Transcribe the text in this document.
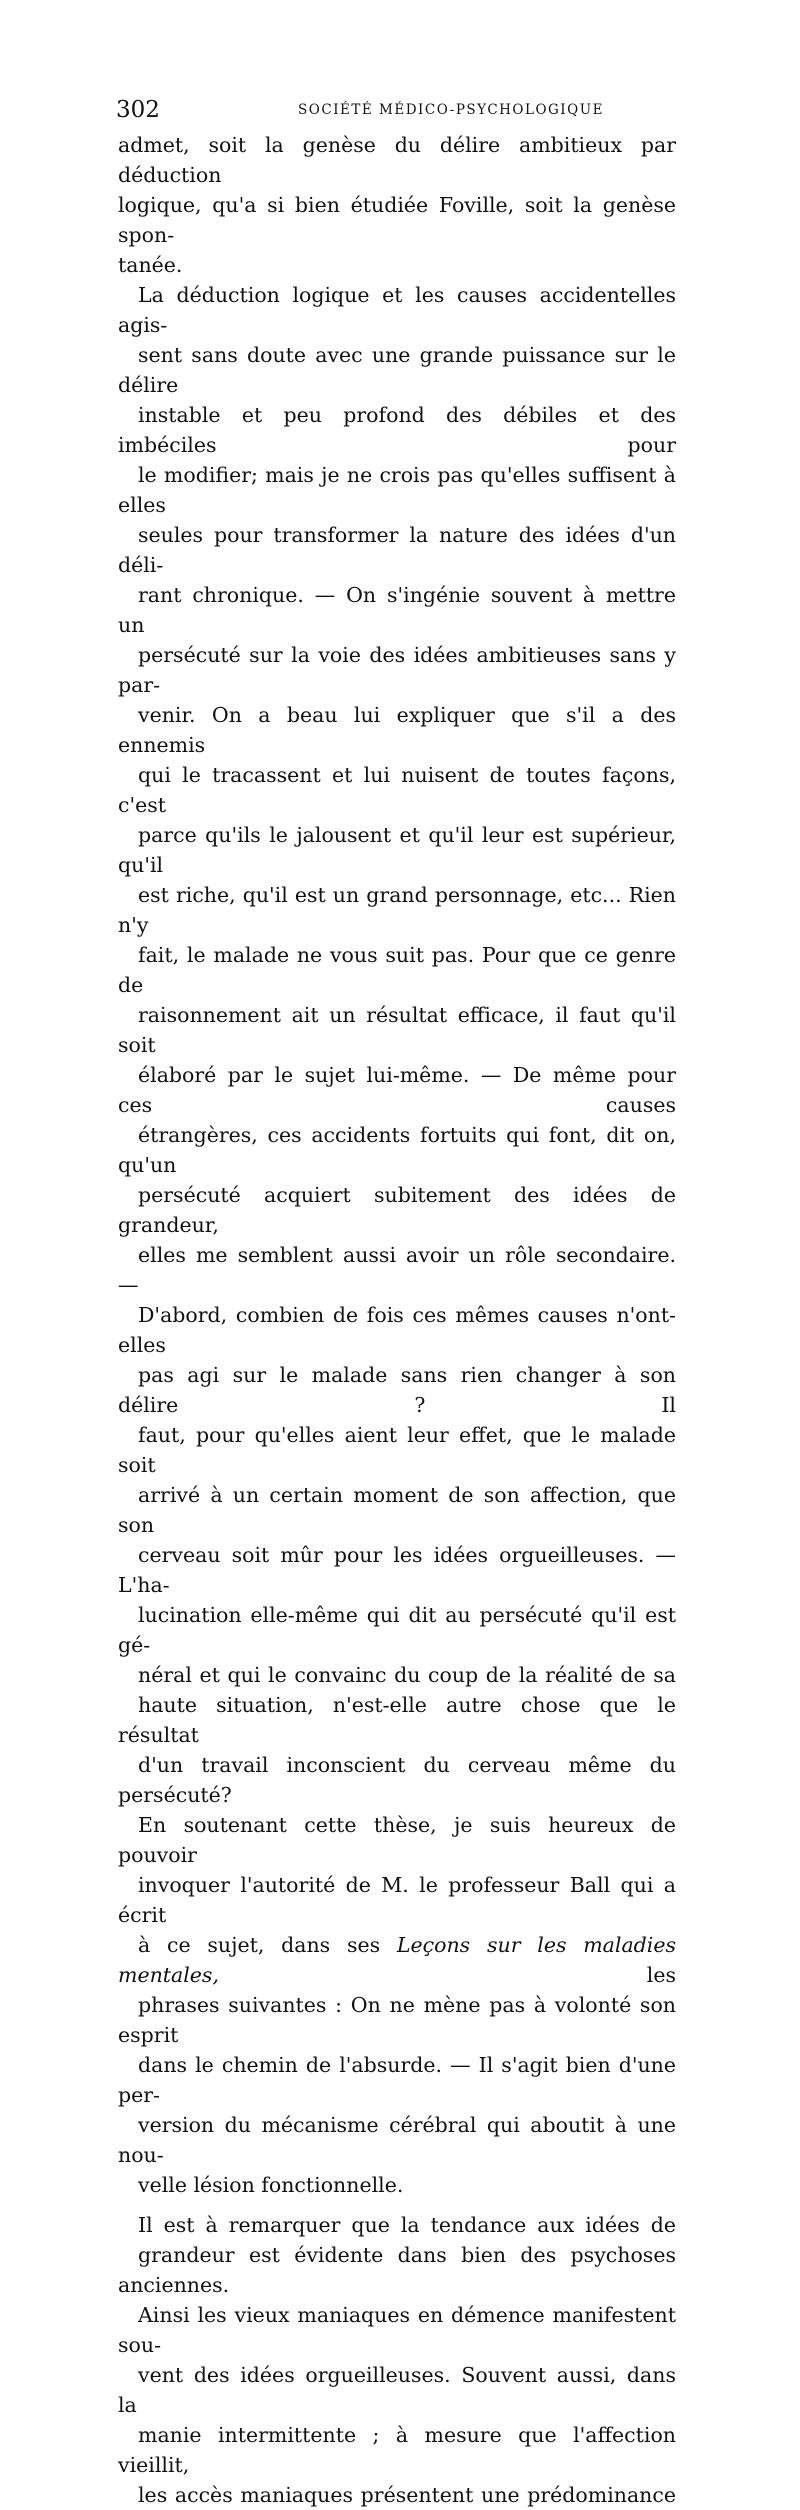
302	SOCIÉTÉ MÉDICO-PSYCHOLOGIQUE

admet, soit la genèse du délire ambitieux par déduction
logique, qu'a si bien étudiée Foville, soit la genèse spon-
tanée.

La déduction logique et les causes accidentelles agis-
sent sans doute avec une grande puissance sur le délire
instable et peu profond des débiles et des imbéciles pour
le modifier; mais je ne crois pas qu'elles suffisent à elles
seules pour transformer la nature des idées d'un déli-
rant chronique. — On s'ingénie souvent à mettre un
persécuté sur la voie des idées ambitieuses sans y par-
venir. On a beau lui expliquer que s'il a des ennemis
qui le tracassent et lui nuisent de toutes façons, c'est
parce qu'ils le jalousent et qu'il leur est supérieur, qu'il
est riche, qu'il est un grand personnage, etc... Rien n'y
fait, le malade ne vous suit pas. Pour que ce genre de
raisonnement ait un résultat efficace, il faut qu'il soit
élaboré par le sujet lui-même. — De même pour ces causes
étrangères, ces accidents fortuits qui font, dit on, qu'un
persécuté acquiert subitement des idées de grandeur,
elles me semblent aussi avoir un rôle secondaire. —
D'abord, combien de fois ces mêmes causes n'ont-elles
pas agi sur le malade sans rien changer à son délire ? Il
faut, pour qu'elles aient leur effet, que le malade soit
arrivé à un certain moment de son affection, que son
cerveau soit mûr pour les idées orgueilleuses. — L'ha-
lucination elle-même qui dit au persécuté qu'il est gé-
néral et qui le convainc du coup de la réalité de sa
haute situation, n'est-elle autre chose que le résultat
d'un travail inconscient du cerveau même du persécuté?

En soutenant cette thèse, je suis heureux de pouvoir
invoquer l'autorité de M. le professeur Ball qui a écrit
à ce sujet, dans ses Leçons sur les maladies mentales, les
phrases suivantes : On ne mène pas à volonté son esprit
dans le chemin de l'absurde. — Il s'agit bien d'une per-
version du mécanisme cérébral qui aboutit à une nou-
velle lésion fonctionnelle.

Il est à remarquer que la tendance aux idées de
grandeur est évidente dans bien des psychoses anciennes.
Ainsi les vieux maniaques en démence manifestent sou-
vent des idées orgueilleuses. Souvent aussi, dans la
manie intermittente ; à mesure que l'affection vieillit,
les accès maniaques présentent une prédominance
